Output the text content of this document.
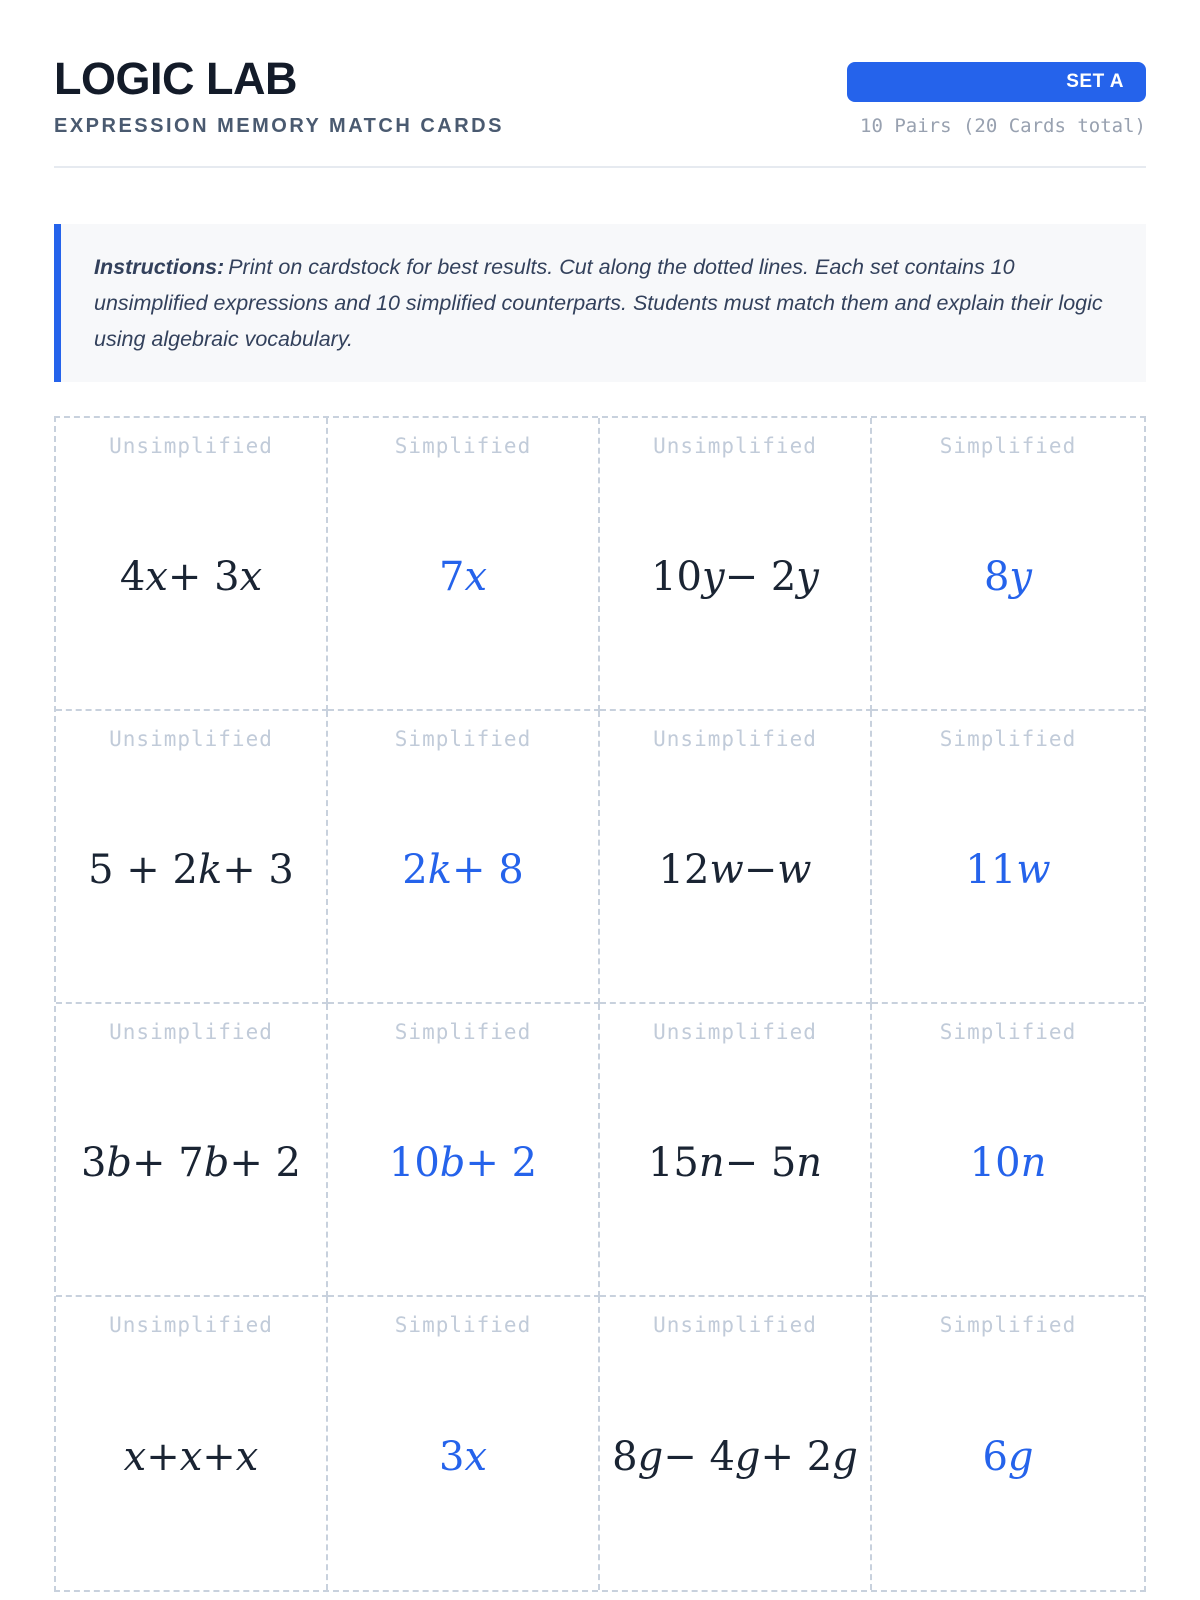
LOGIC LAB
EXPRESSION MEMORY MATCH CARDS
SET A
10 Pairs (20 Cards total)
Instructions: Print on cardstock for best results. Cut along the dotted lines. Each set contains 10 unsimplified expressions and 10 simplified counterparts. Students must match them and explain their logic using algebraic vocabulary.
Unsimplified
4 x + 3 x
Simplified
7 x
Unsimplified
10 y − 2 y
Simplified
8 y
Unsimplified
5 + 2 k + 3
Simplified
2 k + 8
Unsimplified
12 w − w
Simplified
11 w
Unsimplified
3 b + 7 b + 2
Simplified
10 b + 2
Unsimplified
15 n − 5 n
Simplified
10 n
Unsimplified
x + x + x
Simplified
3 x
Unsimplified
8 g − 4 g + 2 g
Simplified
6 g
